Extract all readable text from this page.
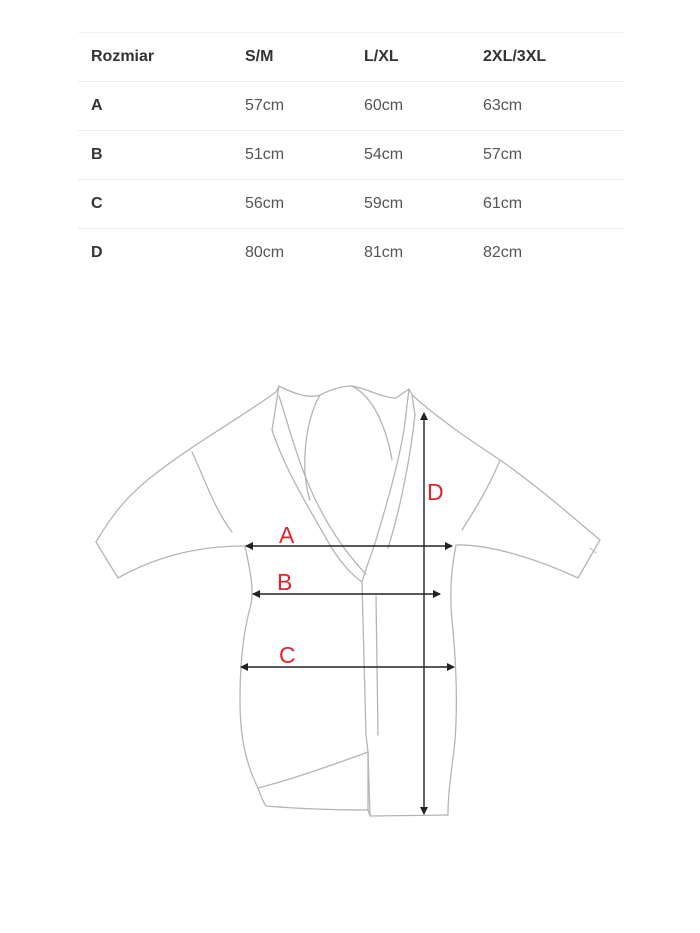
Rozmiar	S/M	L/XL	2XL/3XL
A	57cm	60cm	63cm
B	51cm	54cm	57cm
C	56cm	59cm	61cm
D	80cm	81cm	82cm
A
B
C
D
